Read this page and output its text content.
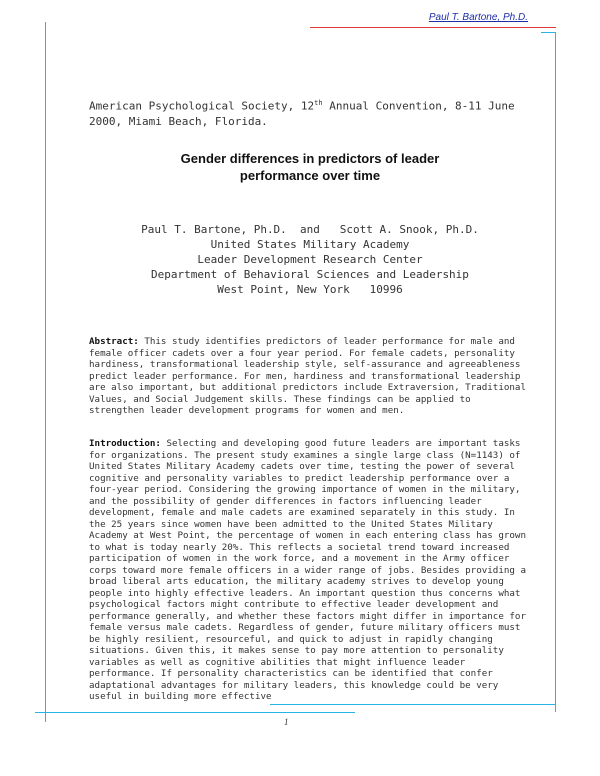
Paul T. Bartone, Ph.D.
American Psychological Society, 12th Annual Convention, 8-11 June 2000, Miami Beach, Florida.
Gender differences in predictors of leader
performance over time
Paul T. Bartone, Ph.D.  and   Scott A. Snook, Ph.D.
United States Military Academy
Leader Development Research Center
Department of Behavioral Sciences and Leadership
West Point, New York   10996
Abstract: This study identifies predictors of leader performance for male and female officer cadets over a four year period. For female cadets, personality hardiness, transformational leadership style, self-assurance and agreeableness predict leader performance. For men, hardiness and transformational leadership are also important, but additional predictors include Extraversion, Traditional Values, and Social Judgement skills. These findings can be applied to strengthen leader development programs for women and men.
Introduction: Selecting and developing good future leaders are important tasks for organizations. The present study examines a single large class (N=1143) of United States Military Academy cadets over time, testing the power of several cognitive and personality variables to predict leadership performance over a four-year period. Considering the growing importance of women in the military, and the possibility of gender differences in factors influencing leader development, female and male cadets are examined separately in this study. In the 25 years since women have been admitted to the United States Military Academy at West Point, the percentage of women in each entering class has grown to what is today nearly 20%. This reflects a societal trend toward increased participation of women in the work force, and a movement in the Army officer corps toward more female officers in a wider range of jobs. Besides providing a broad liberal arts education, the military academy strives to develop young people into highly effective leaders. An important question thus concerns what psychological factors might contribute to effective leader development and performance generally, and whether these factors might differ in importance for female versus male cadets. Regardless of gender, future military officers must be highly resilient, resourceful, and quick to adjust in rapidly changing situations. Given this, it makes sense to pay more attention to personality variables as well as cognitive abilities that might influence leader performance. If personality characteristics can be identified that confer adaptational advantages for military leaders, this knowledge could be very useful in building more effective
1
